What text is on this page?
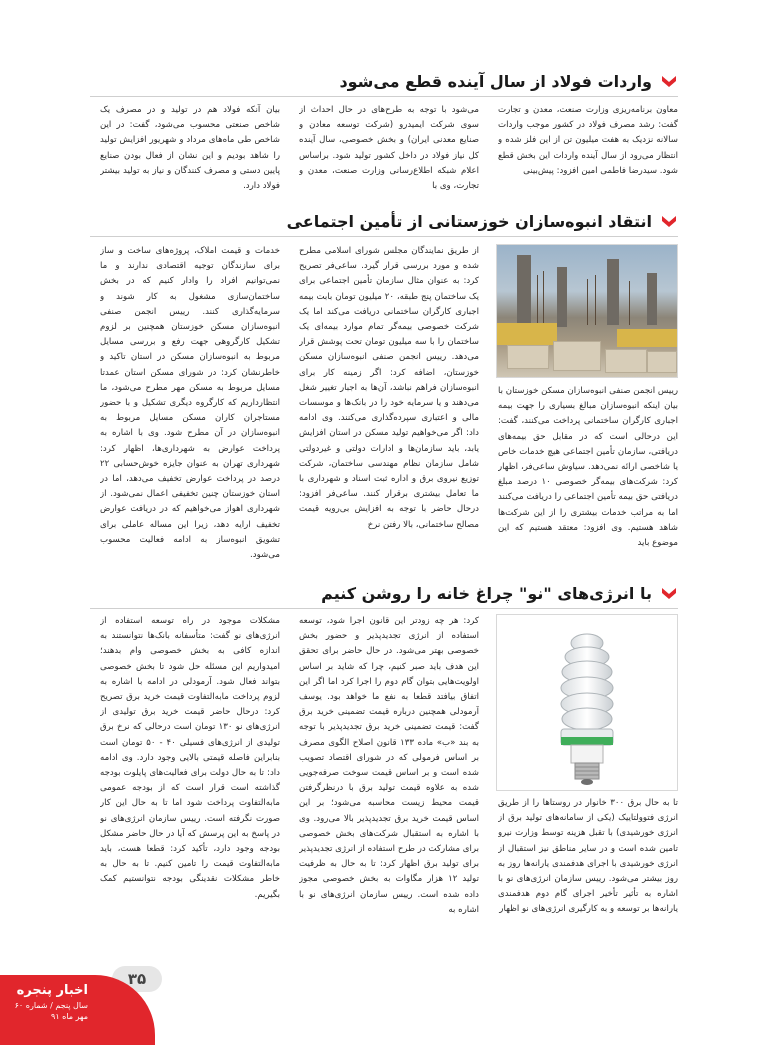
واردات فولاد از سال آینده قطع می‌شود
معاون برنامه‌ریزی وزارت صنعت، معدن و تجارت گفت: رشد مصرف فولاد در کشور موجب واردات سالانه نزدیک به هفت میلیون تن از این فلز شده و انتظار می‌رود از سال آینده واردات این بخش قطع شود. سیدرضا فاطمی امین افزود: پیش‌بینی
می‌شود با توجه به طرح‌های در حال احداث از سوی شرکت ایمیدرو (شرکت توسعه معادن و صنایع معدنی ایران) و بخش خصوصی، سال آینده کل نیاز فولاد در داخل کشور تولید شود. براساس اعلام شبکه اطلاع‌رسانی وزارت صنعت، معدن و تجارت، وی با
بیان آنکه فولاد هم در تولید و در مصرف یک شاخص صنعتی محسوب می‌شود، گفت: در این شاخص طی ماه‌های مرداد و شهریور افزایش تولید را شاهد بودیم و این نشان از فعال بودن صنایع پایین دستی و مصرف کنندگان و نیاز به تولید بیشتر فولاد دارد.
انتقاد انبوه‌سازان خوزستانی از تأمین اجتماعی
رییس انجمن صنفی انبوه‌سازان مسکن خوزستان با بیان اینکه انبوه‌سازان مبالغ بسیاری را جهت بیمه اجباری کارگران ساختمانی پرداخت می‌کنند، گفت: این درحالی است که در مقابل حق بیمه‌های دریافتی، سازمان تأمین اجتماعی هیچ خدمات خاص یا شاخصی ارائه نمی‌دهد. سیاوش ساعی‌فر، اظهار کرد: شرکت‌های بیمه‌گر خصوصی ۱۰ درصد مبلغ دریافتی حق بیمه تأمین اجتماعی را دریافت می‌کنند اما به مراتب خدمات بیشتری را از این شرکت‌ها شاهد هستیم. وی افزود: معتقد هستیم که این موضوع باید
از طریق نمایندگان مجلس شورای اسلامی مطرح شده و مورد بررسی قرار گیرد. ساعی‌فر تصریح کرد: به عنوان مثال سازمان تأمین اجتماعی برای یک ساختمان پنج طبقه، ۲۰ میلیون تومان بابت بیمه اجباری کارگران ساختمانی دریافت می‌کند اما یک شرکت خصوصی بیمه‌گر تمام موارد بیمه‌ای یک ساختمان را با سه میلیون تومان تحت پوشش قرار می‌دهد. رییس انجمن صنفی انبوه‌سازان مسکن خوزستان، اضافه کرد: اگر زمینه کار برای انبوه‌سازان فراهم نباشد، آن‌ها به اجبار تغییر شغل می‌دهند و یا سرمایه خود را در بانک‌ها و موسسات مالی و اعتباری سپرده‌گذاری می‌کنند. وی ادامه داد: اگر می‌خواهیم تولید مسکن در استان افزایش یابد، باید سازمان‌ها و ادارات دولتی و غیردولتی شامل سازمان نظام مهندسی ساختمان، شرکت توزیع نیروی برق و اداره ثبت اسناد و شهرداری با ما تعامل بیشتری برقرار کنند. ساعی‌فر افزود: درحال حاضر با توجه به افزایش بی‌رویه قیمت مصالح ساختمانی، بالا رفتن نرخ
خدمات و قیمت املاک، پروژه‌های ساخت و ساز برای سازندگان توجیه اقتصادی ندارند و ما نمی‌توانیم افراد را وادار کنیم که در بخش ساختمان‌سازی مشغول به کار شوند و سرمایه‌گذاری کنند. رییس انجمن صنفی انبوه‌سازان مسکن خوزستان همچنین بر لزوم تشکیل کارگروهی جهت رفع و بررسی مسایل مربوط به انبوه‌سازان مسکن در استان تاکید و خاطرنشان کرد: در شورای مسکن استان عمدتا مسایل مربوط به مسکن مهر مطرح می‌شود، ما انتظارداریم که کارگروه دیگری تشکیل و با حضور مستاجران کاران مسکن مسایل مربوط به انبوه‌سازان در آن مطرح شود. وی با اشاره به پرداخت عوارض به شهرداری‌ها، اظهار کرد: شهرداری تهران به عنوان جایزه خوش‌حسابی ۲۲ درصد در پرداخت عوارض تخفیف می‌دهد، اما در استان خوزستان چنین تخفیفی اعمال نمی‌شود. از شهرداری اهواز می‌خواهیم که در دریافت عوارض تخفیف ارایه دهد، زیرا این مساله عاملی برای تشویق انبوه‌ساز به ادامه فعالیت محسوب می‌شود.
با انرژی‌های "نو" چراغ خانه را روشن کنیم
تا به حال برق ۳۰۰ خانوار در روستاها را از طریق انرژی فتوولتاییک (یکی از سامانه‌های تولید برق از انرژی خورشیدی) با تقبل هزینه توسط وزارت نیرو تامین شده است و در سایر مناطق نیز استقبال از انرژی خورشیدی با اجرای هدفمندی یارانه‌ها روز به روز بیشتر می‌شود. رییس سازمان انرژی‌های نو با اشاره به تأثیر تأخیر اجرای گام دوم هدفمندی یارانه‌ها بر توسعه و به کارگیری انرژی‌های نو اظهار
کرد: هر چه زودتر این قانون اجرا شود، توسعه استفاده از انرژی تجدیدپذیر و حضور بخش خصوصی بهتر می‌شود. در حال حاضر برای تحقق این هدف باید صبر کنیم، چرا که شاید بر اساس اولویت‌هایی بتوان گام دوم را اجرا کرد اما اگر این اتفاق بیافتد قطعا به نفع ما خواهد بود. یوسف آرمودلی همچنین درباره قیمت تضمینی خرید برق گفت: قیمت تضمینی خرید برق تجدیدپذیر با توجه به بند «ب» ماده ۱۳۳ قانون اصلاح الگوی مصرف بر اساس فرمولی که در شورای اقتصاد تصویب شده است و بر اساس قیمت سوخت صرفه‌جویی شده به علاوه قیمت تولید برق با درنظرگرفتن قیمت محیط زیست محاسبه می‌شود؛ بر این اساس قیمت خرید برق تجدیدپذیر بالا می‌رود. وی با اشاره به استقبال شرکت‌های بخش خصوصی برای مشارکت در طرح استفاده از انرژی تجدیدپذیر برای تولید برق اظهار کرد: تا به حال به ظرفیت تولید ۱۲ هزار مگاوات به بخش خصوصی مجوز داده شده است. رییس سازمان انرژی‌های نو با اشاره به
مشکلات موجود در راه توسعه استفاده از انرژی‌های نو گفت: متأسفانه بانک‌ها نتوانستند به اندازه کافی به بخش خصوصی وام بدهند؛ امیدواریم این مسئله حل شود تا بخش خصوصی بتواند فعال شود. آرمودلی در ادامه با اشاره به لزوم پرداخت مابه‌التفاوت قیمت خرید برق تصریح کرد: درحال حاضر قیمت خرید برق تولیدی از انرژی‌های نو ۱۳۰ تومان است درحالی که نرخ برق تولیدی از انرژی‌های فسیلی ۴۰ - ۵۰ تومان است بنابراین فاصله قیمتی بالایی وجود دارد. وی ادامه داد: تا به حال دولت برای فعالیت‌های پایلوت بودجه گذاشته است قرار است که از بودجه عمومی مابه‌التفاوت پرداخت شود اما تا به حال این کار صورت نگرفته است. رییس سازمان انرژی‌های نو در پاسخ به این پرسش که آیا در حال حاضر مشکل بودجه وجود دارد، تأکید کرد: قطعا هست، باید مابه‌التفاوت قیمت را تامین کنیم. تا به حال به خاطر مشکلات نقدینگی بودجه نتوانستیم کمک بگیریم.
۳۵
اخبار پنجره
سال پنجم / شماره ۶۰
مهر ماه ۹۱
